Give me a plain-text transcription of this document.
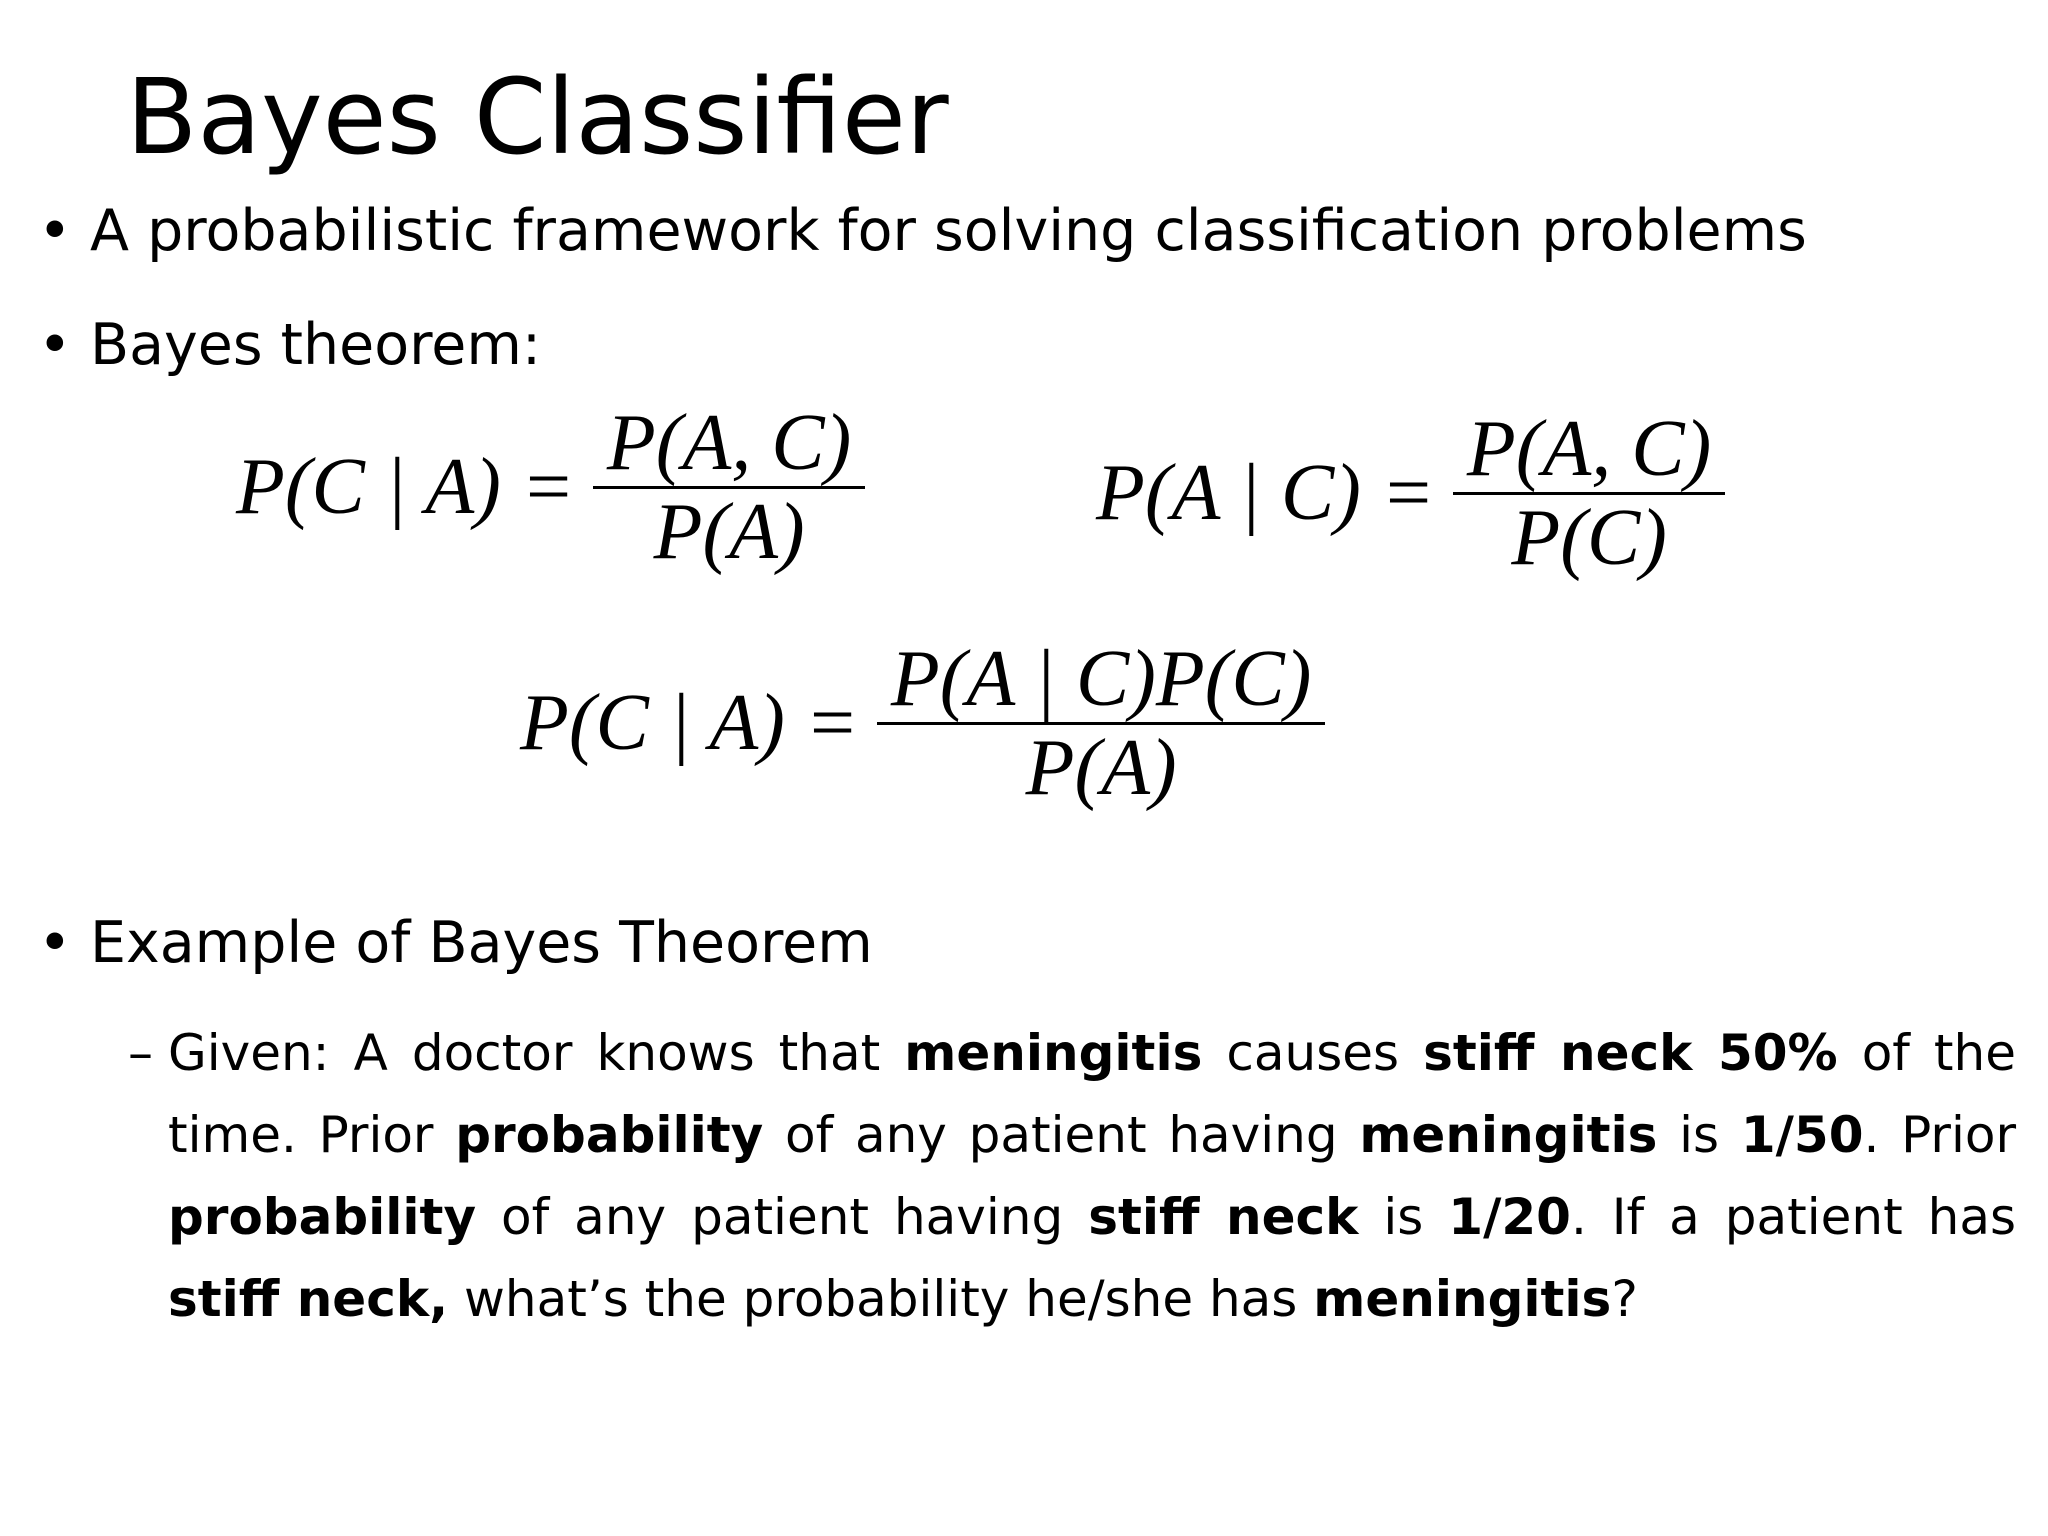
Bayes Classifier
• A probabilistic framework for solving classification problems
• Bayes theorem:
P(C | $A) = \frac{P(A, C)}{P(A)}$	P(A | $C) = \frac{P(A, C)}{P(C)}$
P(C | $A) = \frac{P(A | C)P(C)}{P(A)}$
• Example of Bayes Theorem
– Given: A doctor knows that meningitis causes stiff neck 50% of the time. Prior probability of any patient having meningitis is 1/50. Prior probability of any patient having stiff neck is 1/20. If a patient has stiff neck, what’s the probability he/she has meningitis?
